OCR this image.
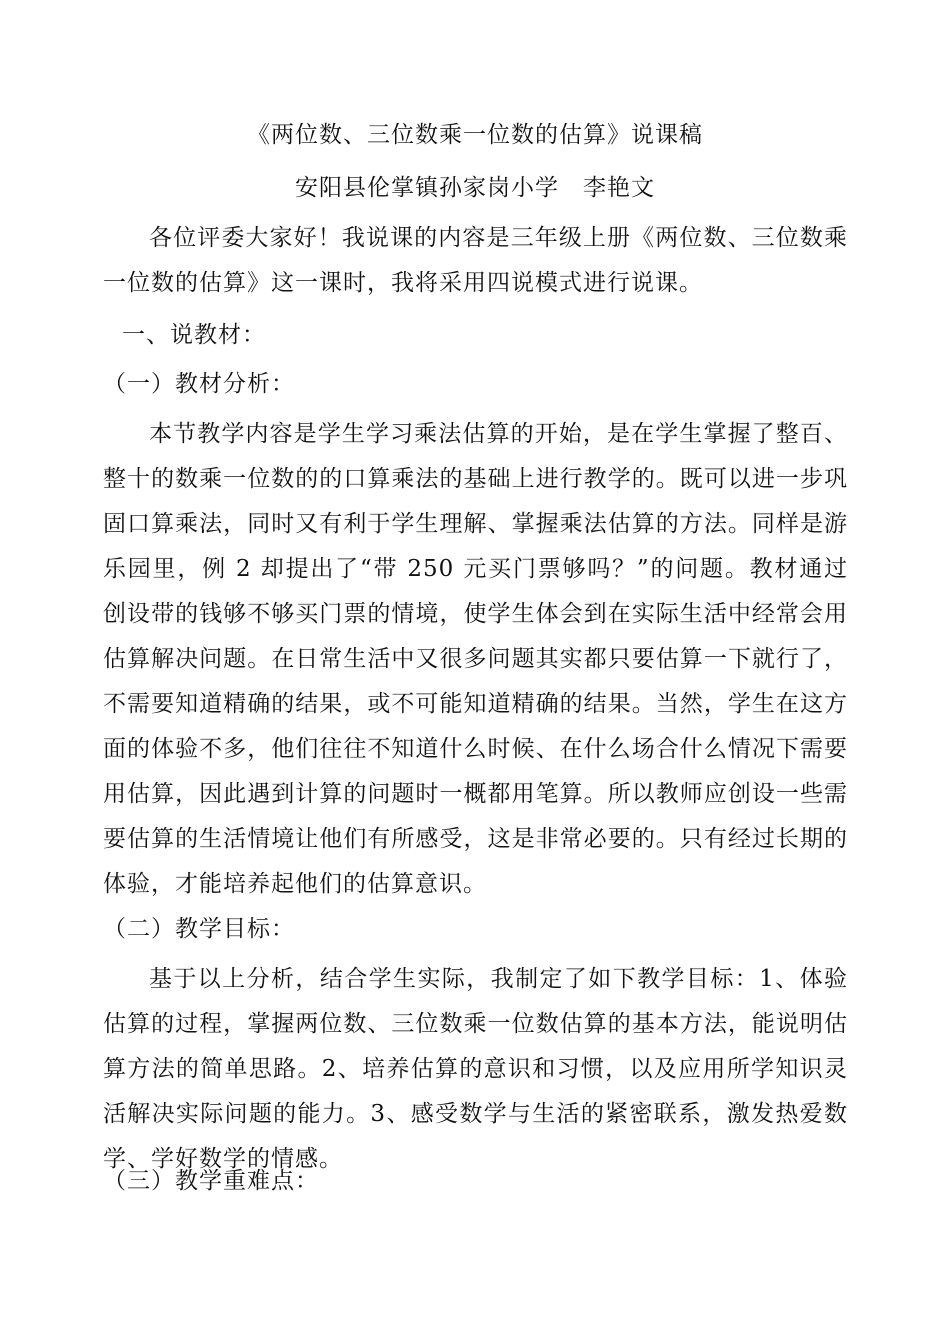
《两位数、三位数乘一位数的估算》说课稿
安阳县伦掌镇孙家岗小学　李艳文

各位评委大家好！我说课的内容是三年级上册《两位数、三位数乘一位数的估算》这一课时，我将采用四说模式进行说课。

一、说教材：
（一）教材分析：

本节教学内容是学生学习乘法估算的开始，是在学生掌握了整百、整十的数乘一位数的的口算乘法的基础上进行教学的。既可以进一步巩固口算乘法，同时又有利于学生理解、掌握乘法估算的方法。同样是游乐园里，例 2 却提出了“带 250 元买门票够吗？”的问题。教材通过创设带的钱够不够买门票的情境，使学生体会到在实际生活中经常会用估算解决问题。在日常生活中又很多问题其实都只要估算一下就行了，不需要知道精确的结果，或不可能知道精确的结果。当然，学生在这方面的体验不多，他们往往不知道什么时候、在什么场合什么情况下需要用估算，因此遇到计算的问题时一概都用笔算。所以教师应创设一些需要估算的生活情境让他们有所感受，这是非常必要的。只有经过长期的体验，才能培养起他们的估算意识。

（二）教学目标：

基于以上分析，结合学生实际，我制定了如下教学目标：1、体验估算的过程，掌握两位数、三位数乘一位数估算的基本方法，能说明估算方法的简单思路。2、培养估算的意识和习惯，以及应用所学知识灵活解决实际问题的能力。3、感受数学与生活的紧密联系，激发热爱数学、学好数学的情感。

（三）教学重难点：
